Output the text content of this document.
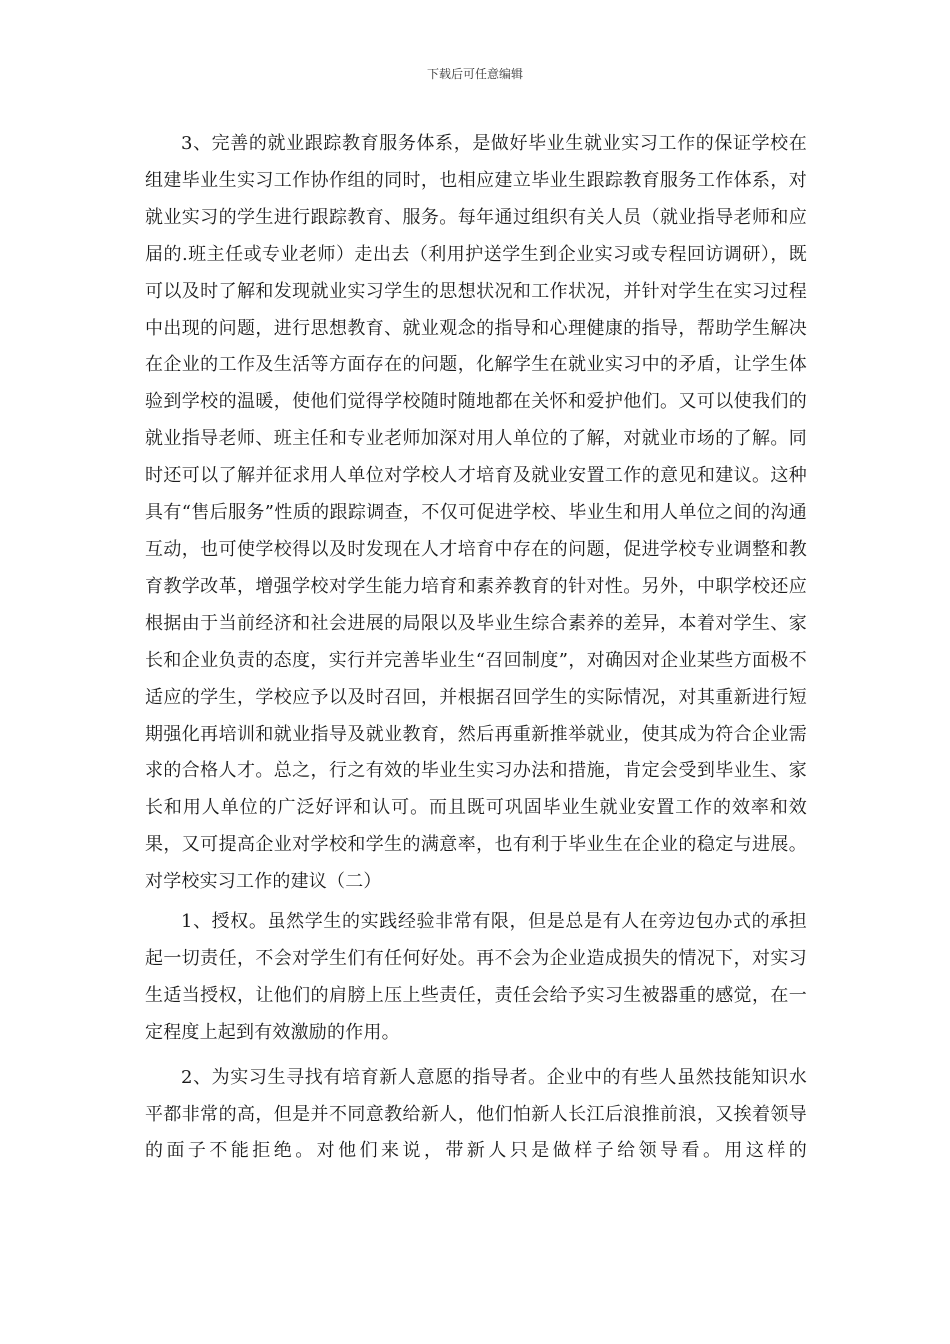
下载后可任意编辑

3、完善的就业跟踪教育服务体系，是做好毕业生就业实习工作的保证学校在组建毕业生实习工作协作组的同时，也相应建立毕业生跟踪教育服务工作体系，对就业实习的学生进行跟踪教育、服务。每年通过组织有关人员（就业指导老师和应届的.班主任或专业老师）走出去（利用护送学生到企业实习或专程回访调研），既可以及时了解和发现就业实习学生的思想状况和工作状况，并针对学生在实习过程中出现的问题，进行思想教育、就业观念的指导和心理健康的指导，帮助学生解决在企业的工作及生活等方面存在的问题，化解学生在就业实习中的矛盾，让学生体验到学校的温暖，使他们觉得学校随时随地都在关怀和爱护他们。又可以使我们的就业指导老师、班主任和专业老师加深对用人单位的了解，对就业市场的了解。同时还可以了解并征求用人单位对学校人才培育及就业安置工作的意见和建议。这种具有“售后服务”性质的跟踪调查，不仅可促进学校、毕业生和用人单位之间的沟通互动，也可使学校得以及时发现在人才培育中存在的问题，促进学校专业调整和教育教学改革，增强学校对学生能力培育和素养教育的针对性。另外，中职学校还应根据由于当前经济和社会进展的局限以及毕业生综合素养的差异，本着对学生、家长和企业负责的态度，实行并完善毕业生“召回制度”，对确因对企业某些方面极不适应的学生，学校应予以及时召回，并根据召回学生的实际情况，对其重新进行短期强化再培训和就业指导及就业教育，然后再重新推举就业，使其成为符合企业需求的合格人才。总之，行之有效的毕业生实习办法和措施，肯定会受到毕业生、家长和用人单位的广泛好评和认可。而且既可巩固毕业生就业安置工作的效率和效果，又可提高企业对学校和学生的满意率，也有利于毕业生在企业的稳定与进展。 对学校实习工作的建议（二）

1、授权。虽然学生的实践经验非常有限，但是总是有人在旁边包办式的承担起一切责任，不会对学生们有任何好处。再不会为企业造成损失的情况下，对实习生适当授权，让他们的肩膀上压上些责任，责任会给予实习生被器重的感觉，在一定程度上起到有效激励的作用。

2、为实习生寻找有培育新人意愿的指导者。企业中的有些人虽然技能知识水平都非常的高，但是并不同意教给新人，他们怕新人长江后浪推前浪，又挨着领导的面子不能拒绝。对他们来说，带新人只是做样子给领导看。用这样的
